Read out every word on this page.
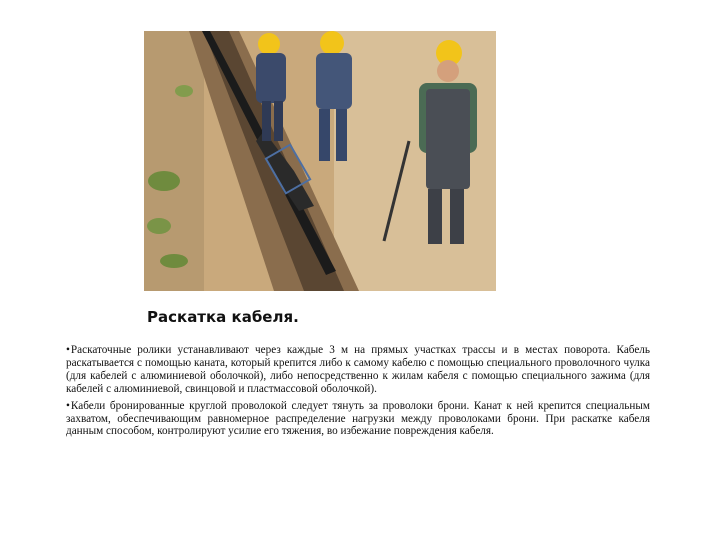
Раскатка кабеля.

•Раскаточные ролики устанавливают через каждые 3 м на прямых участках трассы и в местах поворота. Кабель раскатывается с помощью каната, который крепится либо к самому кабелю с помощью специального проволочного чулка (для кабелей с алюминиевой оболочкой), либо непосредственно к жилам кабеля с помощью специального зажима (для кабелей с алюминиевой, свинцовой и пластмассовой оболочкой).

•Кабели бронированные круглой проволокой следует тянуть за проволоки брони. Канат к ней крепится специальным захватом, обеспечивающим равномерное распределение нагрузки между проволоками брони. При раскатке кабеля данным способом, контролируют усилие его тяжения, во избежание повреждения кабеля.
